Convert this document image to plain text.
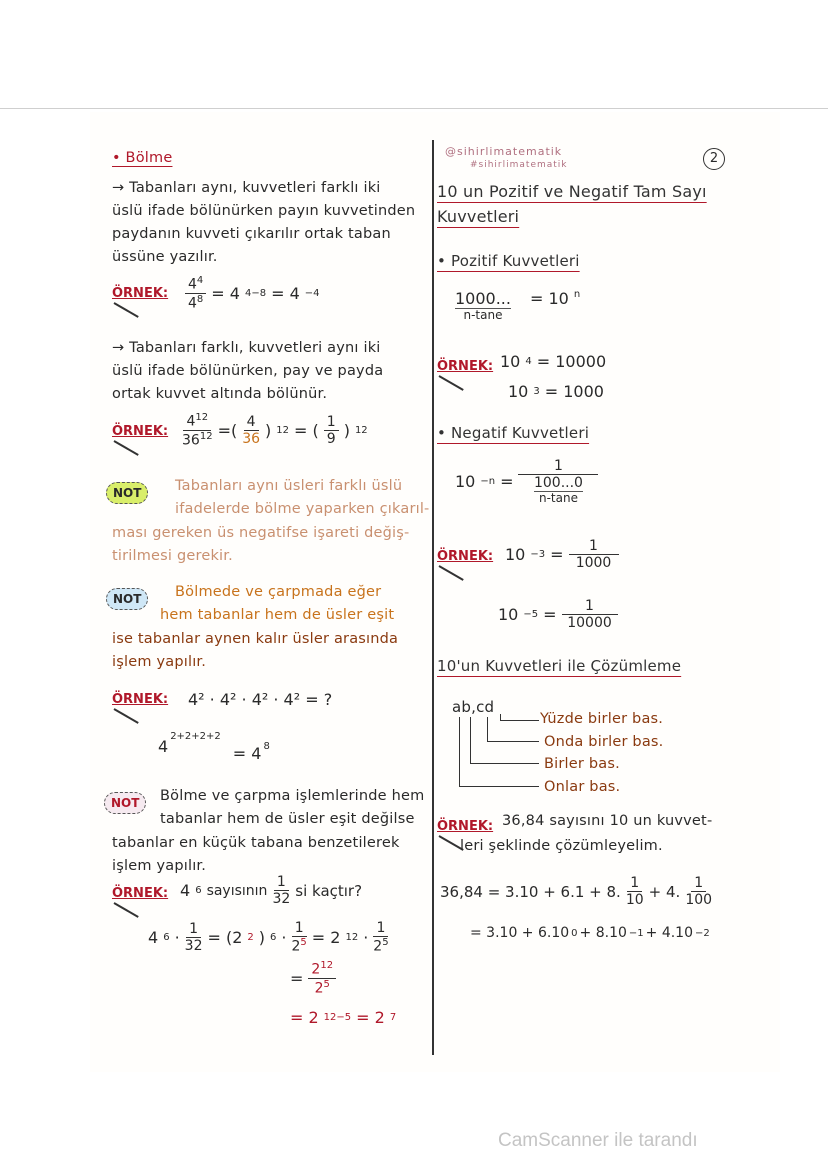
• Bölme
→ Tabanları aynı, kuvvetleri farklı iki
üslü ifade bölünürken payın kuvvetinden
paydanın kuvveti çıkarılır ortak taban
üssüne yazılır.
ÖRNEK: $\frac{4^4}{4^8} = 4$ 4−8 = 4 −4
→ Tabanları farklı, kuvvetleri aynı iki
üslü ifade bölünürken, pay ve payda
ortak kuvvet altında bölünür.
ÖRNEK: $\frac{4^{12}}{36^{12}}$ =( $\frac{4}{36}$ ) 12 = ( $\frac{1}{9}$ ) 12
NOT	Tabanları aynı üsleri farklı üslü
ifadelerde bölme yaparken çıkarıl-
ması gereken üs negatifse işareti değiş-
tirilmesi gerekir.
NOT	Bölmede ve çarpmada eğer
hem tabanlar hem de üsler eşit
ise tabanlar aynen kalır üsler arasında
işlem yapılır.
ÖRNEK: 4² · 4² · 4² · 4² = ?
4
$^{2+2+2+2}$
= $4^8$
NOT	Bölme ve çarpma işlemlerinde hem
tabanlar hem de üsler eşit değilse
tabanlar en küçük tabana benzetilerek
işlem yapılır.
ÖRNEK: 4 6 sayısının $\frac{1}{32}$ si kaçtır?
4 $6 \cdot \frac{1}{32} = (2$ 2 ) $6 \cdot \frac{1}{2^5} = 2$ $12 \cdot \frac{1}{2^5}$
= $\frac{2^{12}}{2^5}$
= 2 12−5 = 2 7
@sihirlimatematik
#sihirlimatematik	2
10 un Pozitif ve Negatif Tam Sayı
Kuvvetleri
• Pozitif Kuvvetleri
$\frac{1000...}{n-\tan e} = 10$ $^n$
ÖRNEK: 10 4 = 10000
10 3 = 1000
• Negatif Kuvvetleri
10 −n =
1
100...0
n-tane
ÖRNEK: $10 -3 = \frac{1}{1000}$
$10 -5 = \frac{1}{10000}$
10'un Kuvvetleri ile Çözümleme
ab,cd
Yüzde birler bas.
Onda birler bas.
Birler bas.
Onlar bas.
ÖRNEK: 36,84 sayısını 10 un kuvvet-
leri şeklinde çözümleyelim.
36,84 = 3.10 + 6.1 + 8. $\frac{1}{10} + 4$. $\frac{1}{100}$
= 3.10 + 6.10 0 + 8.10 −1 + 4.10 −2
CamScanner ile tarandı
